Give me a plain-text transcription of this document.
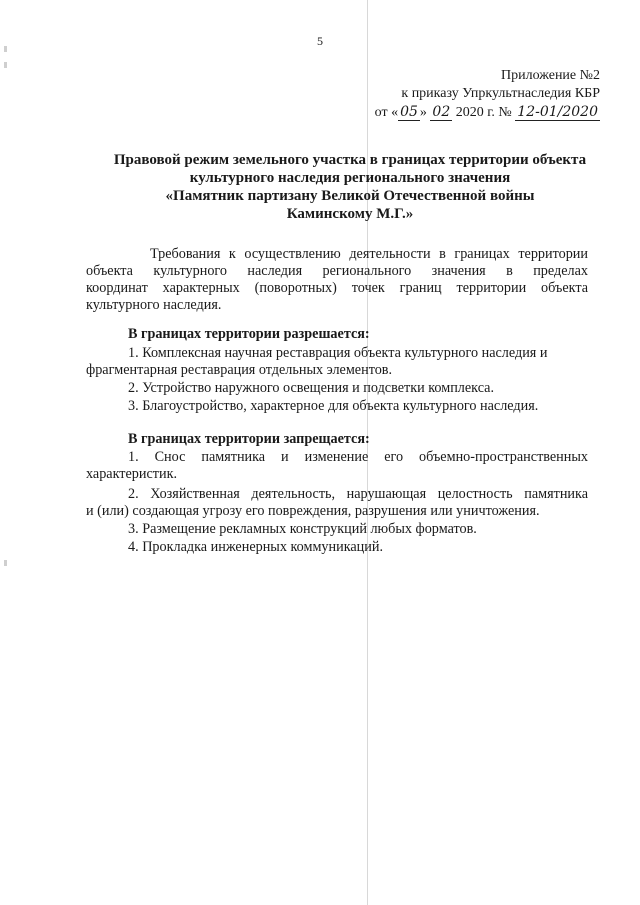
5
Приложение №2
к приказу Упркультнаследия КБР
от « 05 » 02 2020 г. № 12-01/2020
Правовой режим земельного участка в границах территории объекта
культурного наследия регионального значения
«Памятник партизану Великой Отечественной войны
Каминскому М.Г.»
Требования к осуществлению деятельности в границах территории
объекта культурного наследия регионального значения в пределах
координат характерных (поворотных) точек границ территории объекта
культурного наследия.
В границах территории разрешается:
1. Комплексная научная реставрация объекта культурного наследия и
фрагментарная реставрация отдельных элементов.
2. Устройство наружного освещения и подсветки комплекса.
3. Благоустройство, характерное для объекта культурного наследия.
В границах территории запрещается:
1. Снос памятника и изменение его объемно-пространственных
характеристик.
2. Хозяйственная деятельность, нарушающая целостность памятника
и (или) создающая угрозу его повреждения, разрушения или уничтожения.
3. Размещение рекламных конструкций любых форматов.
4. Прокладка инженерных коммуникаций.
